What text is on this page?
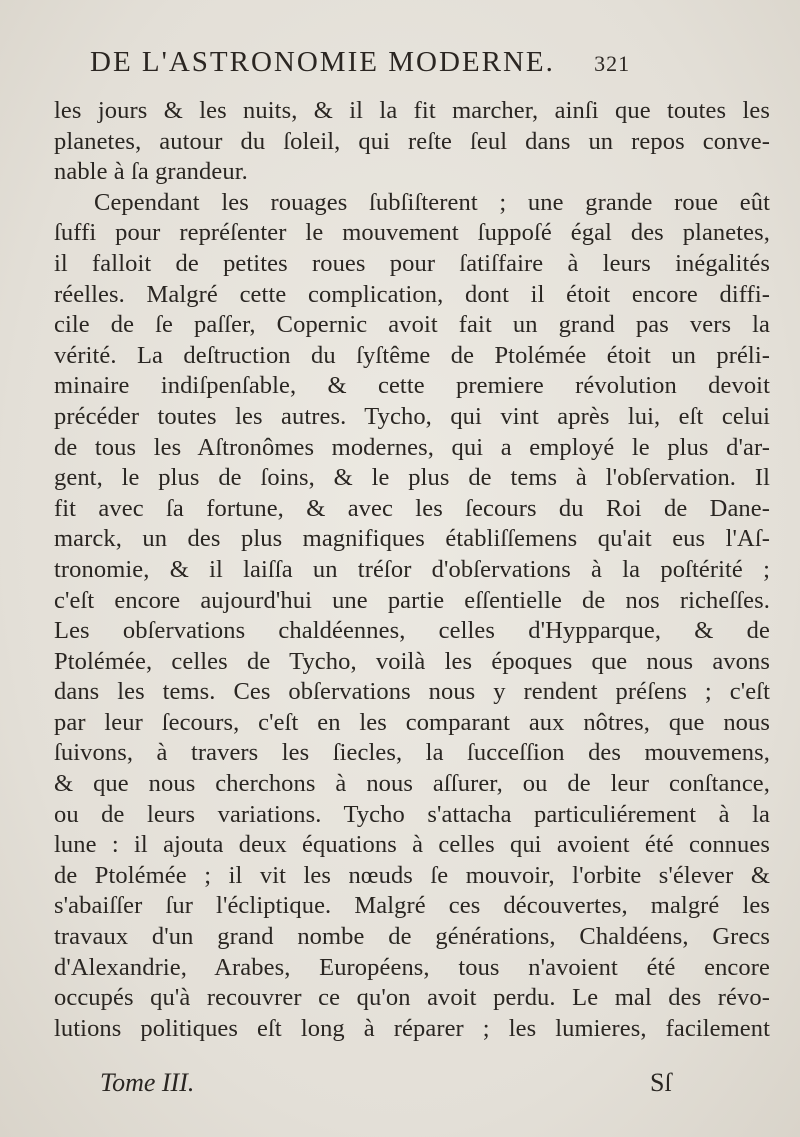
DE L'ASTRONOMIE MODERNE. 321
les jours & les nuits, & il la fit marcher, ainſi que toutes les
planetes, autour du ſoleil, qui reſte ſeul dans un repos conve-
nable à ſa grandeur.
Cependant les rouages ſubſiſterent ; une grande roue eût
ſuffi pour repréſenter le mouvement ſuppoſé égal des planetes,
il falloit de petites roues pour ſatiſfaire à leurs inégalités
réelles. Malgré cette complication, dont il étoit encore diffi-
cile de ſe paſſer, Copernic avoit fait un grand pas vers la
vérité. La deſtruction du ſyſtême de Ptolémée étoit un préli-
minaire indiſpenſable, & cette premiere révolution devoit
précéder toutes les autres. Tycho, qui vint après lui, eſt celui
de tous les Aſtronômes modernes, qui a employé le plus d'ar-
gent, le plus de ſoins, & le plus de tems à l'obſervation. Il
fit avec ſa fortune, & avec les ſecours du Roi de Dane-
marck, un des plus magnifiques établiſſemens qu'ait eus l'Aſ-
tronomie, & il laiſſa un tréſor d'obſervations à la poſtérité ;
c'eſt encore aujourd'hui une partie eſſentielle de nos richeſſes.
Les obſervations chaldéennes, celles d'Hypparque, & de
Ptolémée, celles de Tycho, voilà les époques que nous avons
dans les tems. Ces obſervations nous y rendent préſens ; c'eſt
par leur ſecours, c'eſt en les comparant aux nôtres, que nous
ſuivons, à travers les ſiecles, la ſucceſſion des mouvemens,
& que nous cherchons à nous aſſurer, ou de leur conſtance,
ou de leurs variations. Tycho s'attacha particuliérement à la
lune : il ajouta deux équations à celles qui avoient été connues
de Ptolémée ; il vit les nœuds ſe mouvoir, l'orbite s'élever &
s'abaiſſer ſur l'écliptique. Malgré ces découvertes, malgré les
travaux d'un grand nombe de générations, Chaldéens, Grecs
d'Alexandrie, Arabes, Européens, tous n'avoient été encore
occupés qu'à recouvrer ce qu'on avoit perdu. Le mal des révo-
lutions politiques eſt long à réparer ; les lumieres, facilement
Tome III.	Sſ
